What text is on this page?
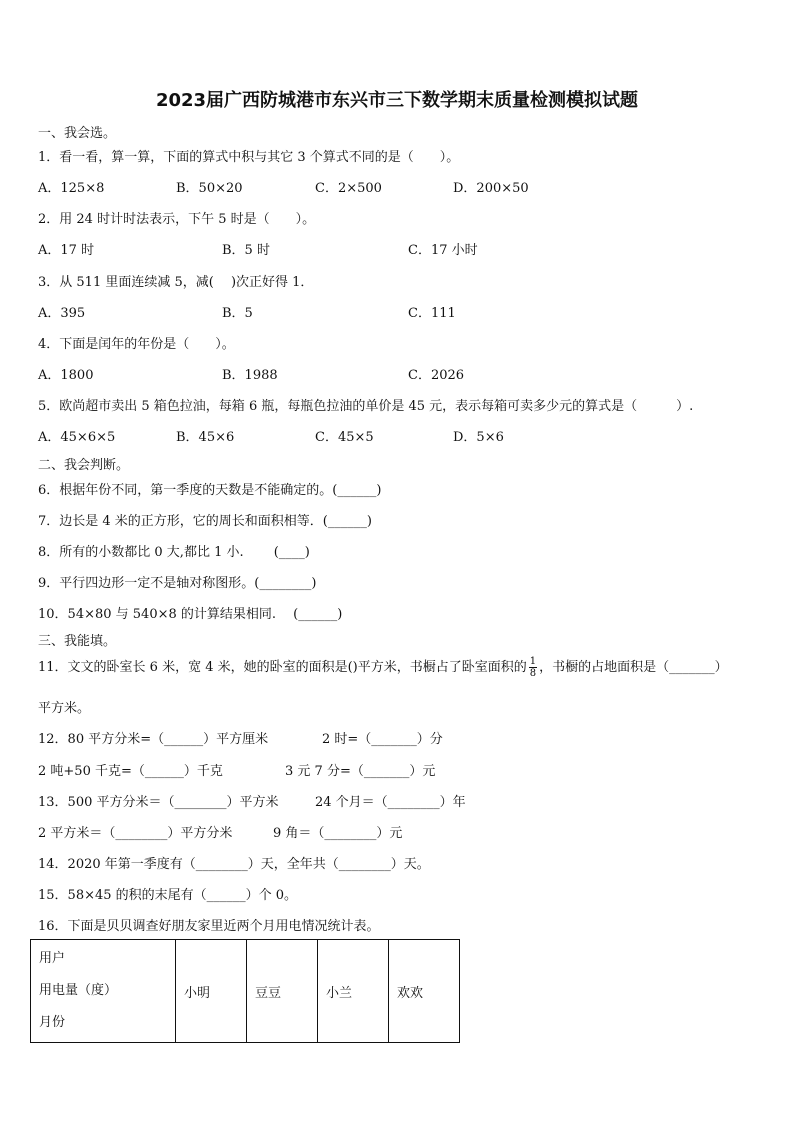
2023届广西防城港市东兴市三下数学期末质量检测模拟试题
一、我会选。
1．看一看，算一算，下面的算式中积与其它 3 个算式不同的是（　　）。
A．125×8	B．50×20	C．2×500	D．200×50
2．用 24 时计时法表示，下午 5 时是（　　）。
A．17 时	B．5 时	C．17 小时
3．从 511 里面连续减 5，减(　 )次正好得 1．
A．395	B．5	C．111
4．下面是闰年的年份是（　　）。
A．1800	B．1988	C．2026
5．欧尚超市卖出 5 箱色拉油，每箱 6 瓶，每瓶色拉油的单价是 45 元，表示每箱可卖多少元的算式是（　　　）.
A．45×6×5	B．45×6	C．45×5	D．5×6
二、我会判断。
6．根据年份不同，第一季度的天数是不能确定的。(______)
7．边长是 4 米的正方形，它的周长和面积相等．(______)
8．所有的小数都比 0 大,都比 1 小.　　 (____)
9．平行四边形一定不是轴对称图形。(________)
10．54×80 与 540×8 的计算结果相同.　 (______)
三、我能填。
11．文文的卧室长 6 米，宽 4 米，她的卧室的面积是()平方米，书橱占了卧室面积的 $\frac{1}{8}$ ，书橱的占地面积是（_______）
平方米。
12．80 平方分米=（______）平方厘米	2 时=（_______）分
2 吨+50 千克=（______）千克	3 元 7 分=（_______）元
13．500 平方分米＝（________）平方米	24 个月＝（________）年
2 平方米＝（________）平方分米	9 角＝（________）元
14．2020 年第一季度有（________）天，全年共（________）天。
15．58×45 的积的末尾有（______）个 0。
16．下面是贝贝调查好朋友家里近两个月用电情况统计表。
用户
用电量（度）
月份
	小明	豆豆	小兰	欢欢
